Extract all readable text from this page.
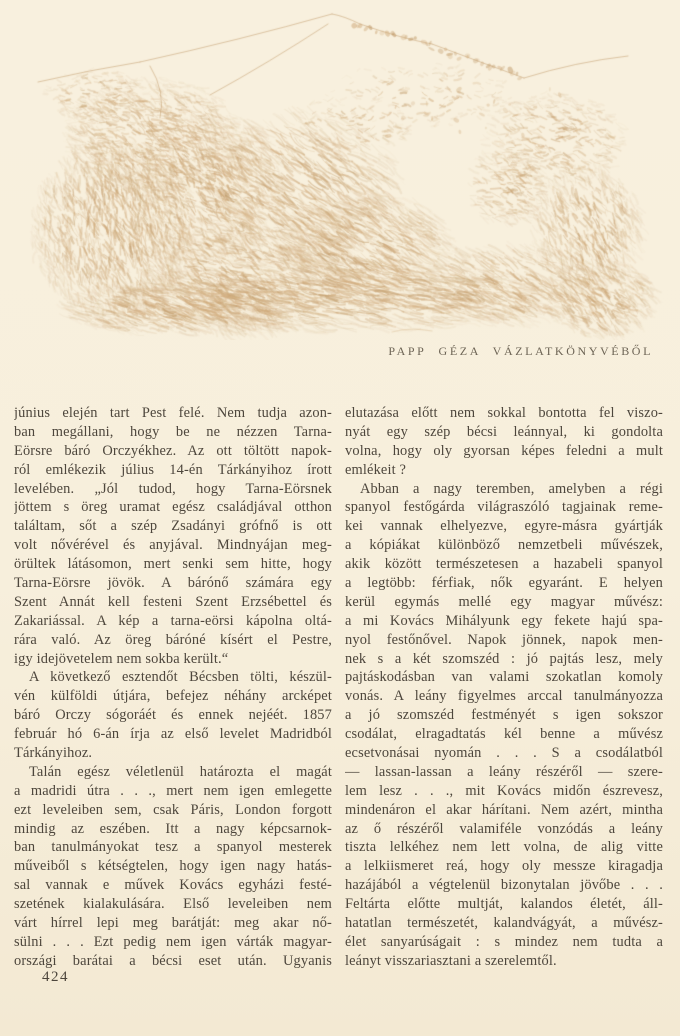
PAPP GÉZA VÁZLATKÖNYVÉBŐL
június elején tart Pest felé. Nem tudja azon-
ban megállani, hogy be ne nézzen Tarna-
Eörsre báró Orczyékhez. Az ott töltött napok-
ról emlékezik július 14-én Tárkányihoz írott
levelében. „Jól tudod, hogy Tarna-Eörsnek
jöttem s öreg uramat egész családjával otthon
találtam, sőt a szép Zsadányi grófnő is ott
volt nővérével és anyjával. Mindnyájan meg-
örültek látásomon, mert senki sem hitte, hogy
Tarna-Eörsre jövök. A bárónő számára egy
Szent Annát kell festeni Szent Erzsébettel és
Zakariással. A kép a tarna-eörsi kápolna oltá-
rára való. Az öreg báróné kísért el Pestre,
igy idejövetelem nem sokba került.“
A következő esztendőt Bécsben tölti, készül-
vén külföldi útjára, befejez néhány arcképet
báró Orczy sógoráét és ennek nejéét. 1857
február hó 6-án írja az első levelet Madridból
Tárkányihoz.
Talán egész véletlenül határozta el magát
a madridi útra . . ., mert nem igen emlegette
ezt leveleiben sem, csak Páris, London forgott
mindig az eszében. Itt a nagy képcsarnok-
ban tanulmányokat tesz a spanyol mesterek
műveiből s kétségtelen, hogy igen nagy hatás-
sal vannak e művek Kovács egyházi festé-
szetének kialakulására. Első leveleiben nem
várt hírrel lepi meg barátját: meg akar nő-
sülni . . . Ezt pedig nem igen várták magyar-
országi barátai a bécsi eset után. Ugyanis
elutazása előtt nem sokkal bontotta fel viszo-
nyát egy szép bécsi leánnyal, ki gondolta
volna, hogy oly gyorsan képes feledni a mult
emlékeit ?
Abban a nagy teremben, amelyben a régi
spanyol festőgárda világraszóló tagjainak reme-
kei vannak elhelyezve, egyre-másra gyártják
a kópiákat különböző nemzetbeli művészek,
akik között természetesen a hazabeli spanyol
a legtöbb: férfiak, nők egyaránt. E helyen
kerül egymás mellé egy magyar művész:
a mi Kovács Mihályunk egy fekete hajú spa-
nyol festőnővel. Napok jönnek, napok men-
nek s a két szomszéd : jó pajtás lesz, mely
pajtáskodásban van valami szokatlan komoly
vonás. A leány figyelmes arccal tanulmányozza
a jó szomszéd festményét s igen sokszor
csodálat, elragadtatás kél benne a művész
ecsetvonásai nyomán . . . S a csodálatból
— lassan-lassan a leány részéről — szere-
lem lesz . . ., mit Kovács midőn észrevesz,
mindenáron el akar hárítani. Nem azért, mintha
az ő részéről valamiféle vonzódás a leány
tiszta lelkéhez nem lett volna, de alig vitte
a lelkiismeret reá, hogy oly messze kiragadja
hazájából a végtelenül bizonytalan jövőbe . . .
Feltárta előtte multját, kalandos életét, áll-
hatatlan természetét, kalandvágyát, a művész-
élet sanyarúságait : s mindez nem tudta a
leányt visszariasztani a szerelemtől.
424
